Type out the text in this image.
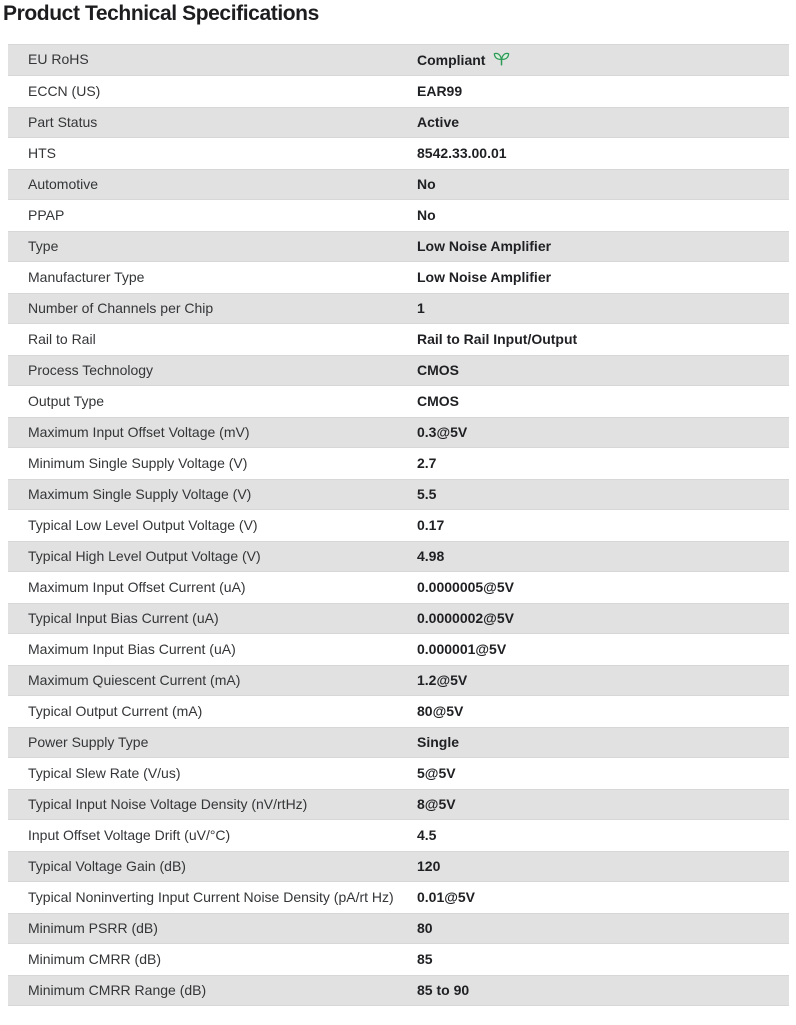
Product Technical Specifications
EU RoHS	Compliant
ECCN (US)	EAR99
Part Status	Active
HTS	8542.33.00.01
Automotive	No
PPAP	No
Type	Low Noise Amplifier
Manufacturer Type	Low Noise Amplifier
Number of Channels per Chip	1
Rail to Rail	Rail to Rail Input/Output
Process Technology	CMOS
Output Type	CMOS
Maximum Input Offset Voltage (mV)	0.3@5V
Minimum Single Supply Voltage (V)	2.7
Maximum Single Supply Voltage (V)	5.5
Typical Low Level Output Voltage (V)	0.17
Typical High Level Output Voltage (V)	4.98
Maximum Input Offset Current (uA)	0.0000005@5V
Typical Input Bias Current (uA)	0.0000002@5V
Maximum Input Bias Current (uA)	0.000001@5V
Maximum Quiescent Current (mA)	1.2@5V
Typical Output Current (mA)	80@5V
Power Supply Type	Single
Typical Slew Rate (V/us)	5@5V
Typical Input Noise Voltage Density (nV/rtHz)	8@5V
Input Offset Voltage Drift (uV/°C)	4.5
Typical Voltage Gain (dB)	120
Typical Noninverting Input Current Noise Density (pA/rt Hz)	0.01@5V
Minimum PSRR (dB)	80
Minimum CMRR (dB)	85
Minimum CMRR Range (dB)	85 to 90
